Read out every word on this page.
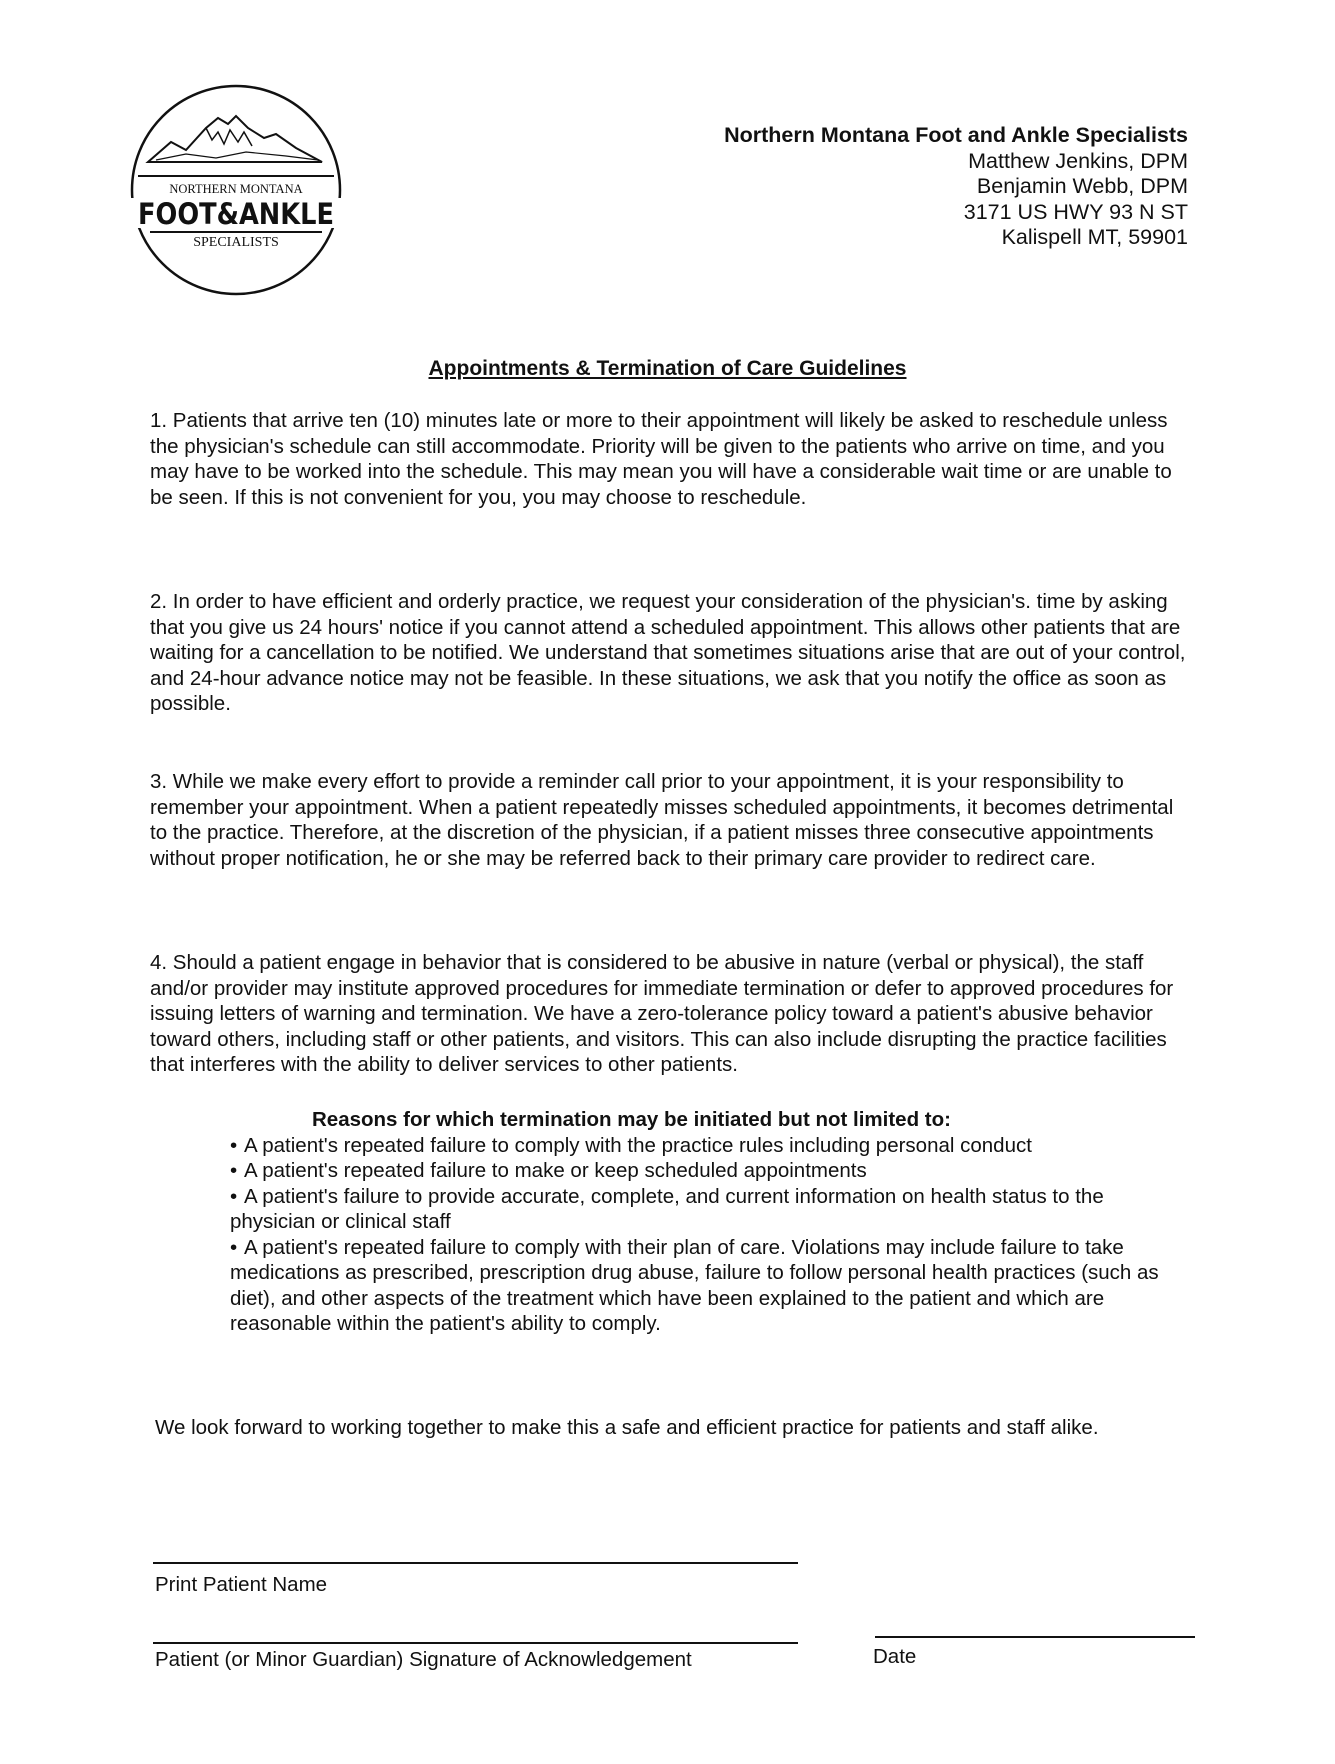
NORTHERN MONTANA
FOOT&ANKLE
SPECIALISTS
Northern Montana Foot and Ankle Specialists
Matthew Jenkins, DPM
Benjamin Webb, DPM
3171 US HWY 93 N ST
Kalispell MT, 59901
Appointments & Termination of Care Guidelines

1. Patients that arrive ten (10) minutes late or more to their appointment will likely be asked to reschedule unless the physician's schedule can still accommodate. Priority will be given to the patients who arrive on time, and you may have to be worked into the schedule. This may mean you will have a considerable wait time or are unable to be seen. If this is not convenient for you, you may choose to reschedule.

2. In order to have efficient and orderly practice, we request your consideration of the physician's. time by asking that you give us 24 hours' notice if you cannot attend a scheduled appointment. This allows other patients that are waiting for a cancellation to be notified. We understand that sometimes situations arise that are out of your control, and 24-hour advance notice may not be feasible. In these situations, we ask that you notify the office as soon as possible.

3. While we make every effort to provide a reminder call prior to your appointment, it is your responsibility to remember your appointment. When a patient repeatedly misses scheduled appointments, it becomes detrimental to the practice. Therefore, at the discretion of the physician, if a patient misses three consecutive appointments without proper notification, he or she may be referred back to their primary care provider to redirect care.

4. Should a patient engage in behavior that is considered to be abusive in nature (verbal or physical), the staff and/or provider may institute approved procedures for immediate termination or defer to approved procedures for issuing letters of warning and termination. We have a zero-tolerance policy toward a patient's abusive behavior toward others, including staff or other patients, and visitors. This can also include disrupting the practice facilities that interferes with the ability to deliver services to other patients.

Reasons for which termination may be initiated but not limited to:
• A patient's repeated failure to comply with the practice rules including personal conduct
• A patient's repeated failure to make or keep scheduled appointments
• A patient's failure to provide accurate, complete, and current information on health status to the physician or clinical staff
• A patient's repeated failure to comply with their plan of care. Violations may include failure to take medications as prescribed, prescription drug abuse, failure to follow personal health practices (such as diet), and other aspects of the treatment which have been explained to the patient and which are reasonable within the patient's ability to comply.
We look forward to working together to make this a safe and efficient practice for patients and staff alike.
Print Patient Name
Patient (or Minor Guardian) Signature of Acknowledgement	Date
